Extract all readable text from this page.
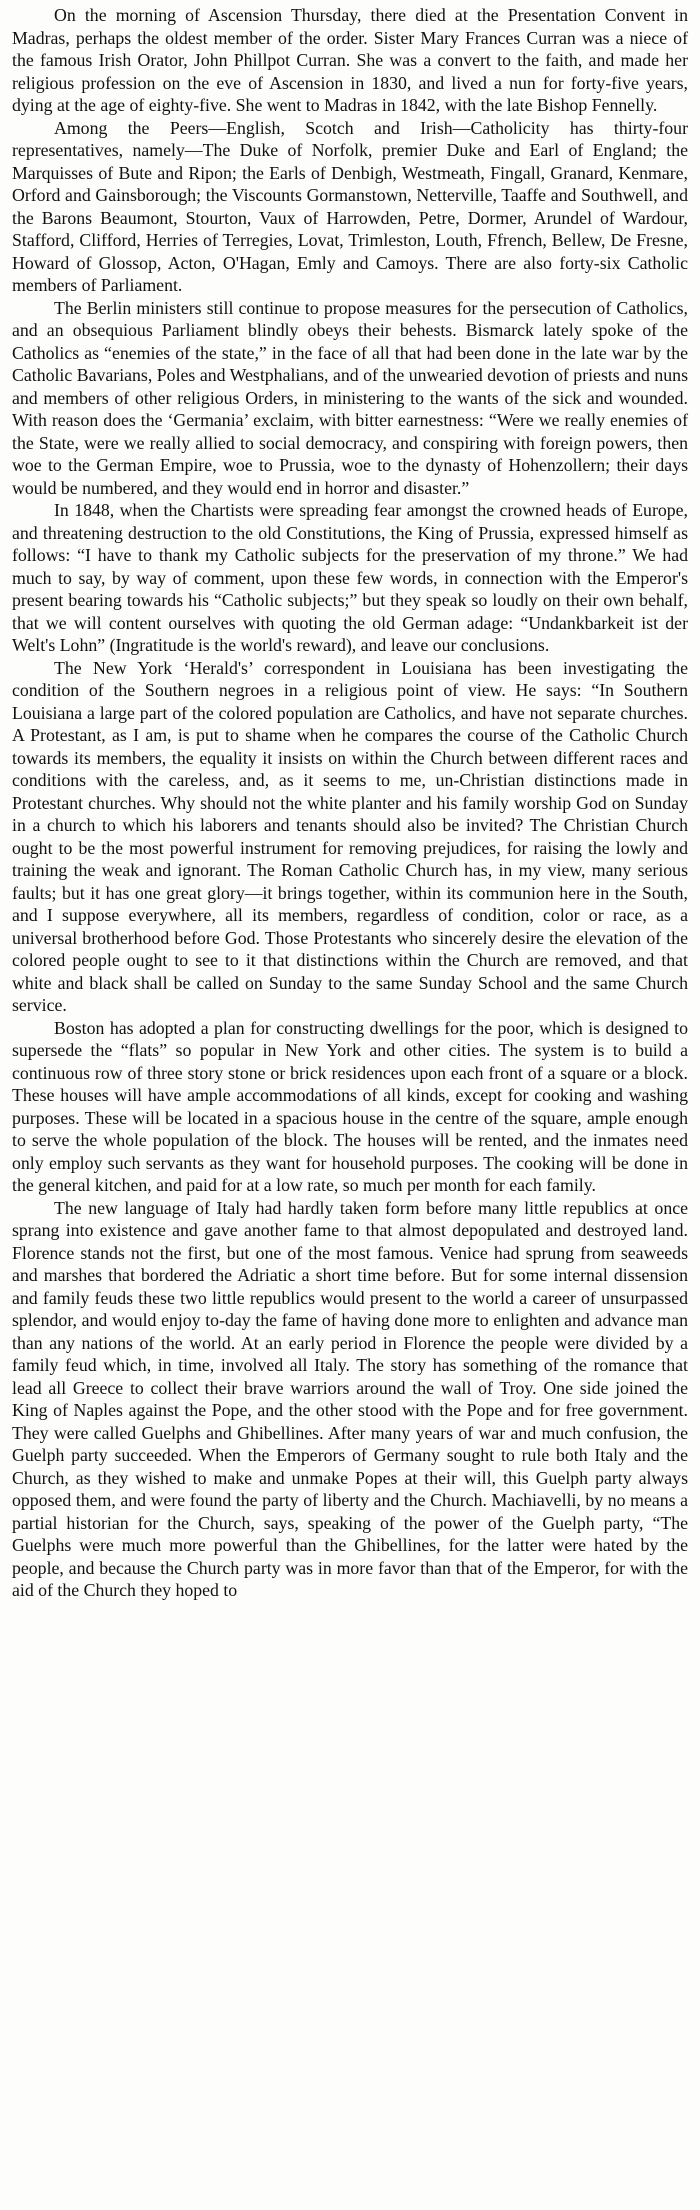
On the morning of Ascension Thursday, there died at the Presentation Convent in Madras, perhaps the oldest member of the order. Sister Mary Frances Curran was a niece of the famous Irish Orator, John Phillpot Curran. She was a convert to the faith, and made her religious profession on the eve of Ascension in 1830, and lived a nun for forty-five years, dying at the age of eighty-five. She went to Madras in 1842, with the late Bishop Fennelly.

Among the Peers—English, Scotch and Irish—Catholicity has thirty-four representatives, namely—The Duke of Norfolk, premier Duke and Earl of England; the Marquisses of Bute and Ripon; the Earls of Denbigh, Westmeath, Fingall, Granard, Kenmare, Orford and Gainsborough; the Viscounts Gormanstown, Netterville, Taaffe and Southwell, and the Barons Beaumont, Stourton, Vaux of Harrowden, Petre, Dormer, Arundel of Wardour, Stafford, Clifford, Herries of Terregies, Lovat, Trimleston, Louth, Ffrench, Bellew, De Fresne, Howard of Glossop, Acton, O'Hagan, Emly and Camoys. There are also forty-six Catholic members of Parliament.

The Berlin ministers still continue to propose measures for the persecution of Catholics, and an obsequious Parliament blindly obeys their behests. Bismarck lately spoke of the Catholics as “enemies of the state,” in the face of all that had been done in the late war by the Catholic Bavarians, Poles and Westphalians, and of the unwearied devotion of priests and nuns and members of other religious Orders, in ministering to the wants of the sick and wounded. With reason does the ‘Germania’ exclaim, with bitter earnestness: “Were we really enemies of the State, were we really allied to social democracy, and conspiring with foreign powers, then woe to the German Empire, woe to Prussia, woe to the dynasty of Hohenzollern; their days would be numbered, and they would end in horror and disaster.”

In 1848, when the Chartists were spreading fear amongst the crowned heads of Europe, and threatening destruction to the old Constitutions, the King of Prussia, expressed himself as follows: “I have to thank my Catholic subjects for the preservation of my throne.” We had much to say, by way of comment, upon these few words, in connection with the Emperor's present bearing towards his “Catholic subjects;” but they speak so loudly on their own behalf, that we will content ourselves with quoting the old German adage: “Undankbarkeit ist der Welt's Lohn” (Ingratitude is the world's reward), and leave our conclusions.

The New York ‘Herald's’ correspondent in Louisiana has been investigating the condition of the Southern negroes in a religious point of view. He says: “In Southern Louisiana a large part of the colored population are Catholics, and have not separate churches. A Protestant, as I am, is put to shame when he compares the course of the Catholic Church towards its members, the equality it insists on within the Church between different races and conditions with the careless, and, as it seems to me, un-Christian distinctions made in Protestant churches. Why should not the white planter and his family worship God on Sunday in a church to which his laborers and tenants should also be invited? The Christian Church ought to be the most powerful instrument for removing prejudices, for raising the lowly and training the weak and ignorant. The Roman Catholic Church has, in my view, many serious faults; but it has one great glory—it brings together, within its communion here in the South, and I suppose everywhere, all its members, regardless of condition, color or race, as a universal brotherhood before God. Those Protestants who sincerely desire the elevation of the colored people ought to see to it that distinctions within the Church are removed, and that white and black shall be called on Sunday to the same Sunday School and the same Church service.

Boston has adopted a plan for constructing dwellings for the poor, which is designed to supersede the “flats” so popular in New York and other cities. The system is to build a continuous row of three story stone or brick residences upon each front of a square or a block. These houses will have ample accommodations of all kinds, except for cooking and washing purposes. These will be located in a spacious house in the centre of the square, ample enough to serve the whole population of the block. The houses will be rented, and the inmates need only employ such servants as they want for household purposes. The cooking will be done in the general kitchen, and paid for at a low rate, so much per month for each family.

The new language of Italy had hardly taken form before many little republics at once sprang into existence and gave another fame to that almost depopulated and destroyed land. Florence stands not the first, but one of the most famous. Venice had sprung from seaweeds and marshes that bordered the Adriatic a short time before. But for some internal dissension and family feuds these two little republics would present to the world a career of unsurpassed splendor, and would enjoy to-day the fame of having done more to enlighten and advance man than any nations of the world. At an early period in Florence the people were divided by a family feud which, in time, involved all Italy. The story has something of the romance that lead all Greece to collect their brave warriors around the wall of Troy. One side joined the King of Naples against the Pope, and the other stood with the Pope and for free government. They were called Guelphs and Ghibellines. After many years of war and much confusion, the Guelph party succeeded. When the Emperors of Germany sought to rule both Italy and the Church, as they wished to make and unmake Popes at their will, this Guelph party always opposed them, and were found the party of liberty and the Church. Machiavelli, by no means a partial historian for the Church, says, speaking of the power of the Guelph party, “The Guelphs were much more powerful than the Ghibellines, for the latter were hated by the people, and because the Church party was in more favor than that of the Emperor, for with the aid of the Church they hoped to
